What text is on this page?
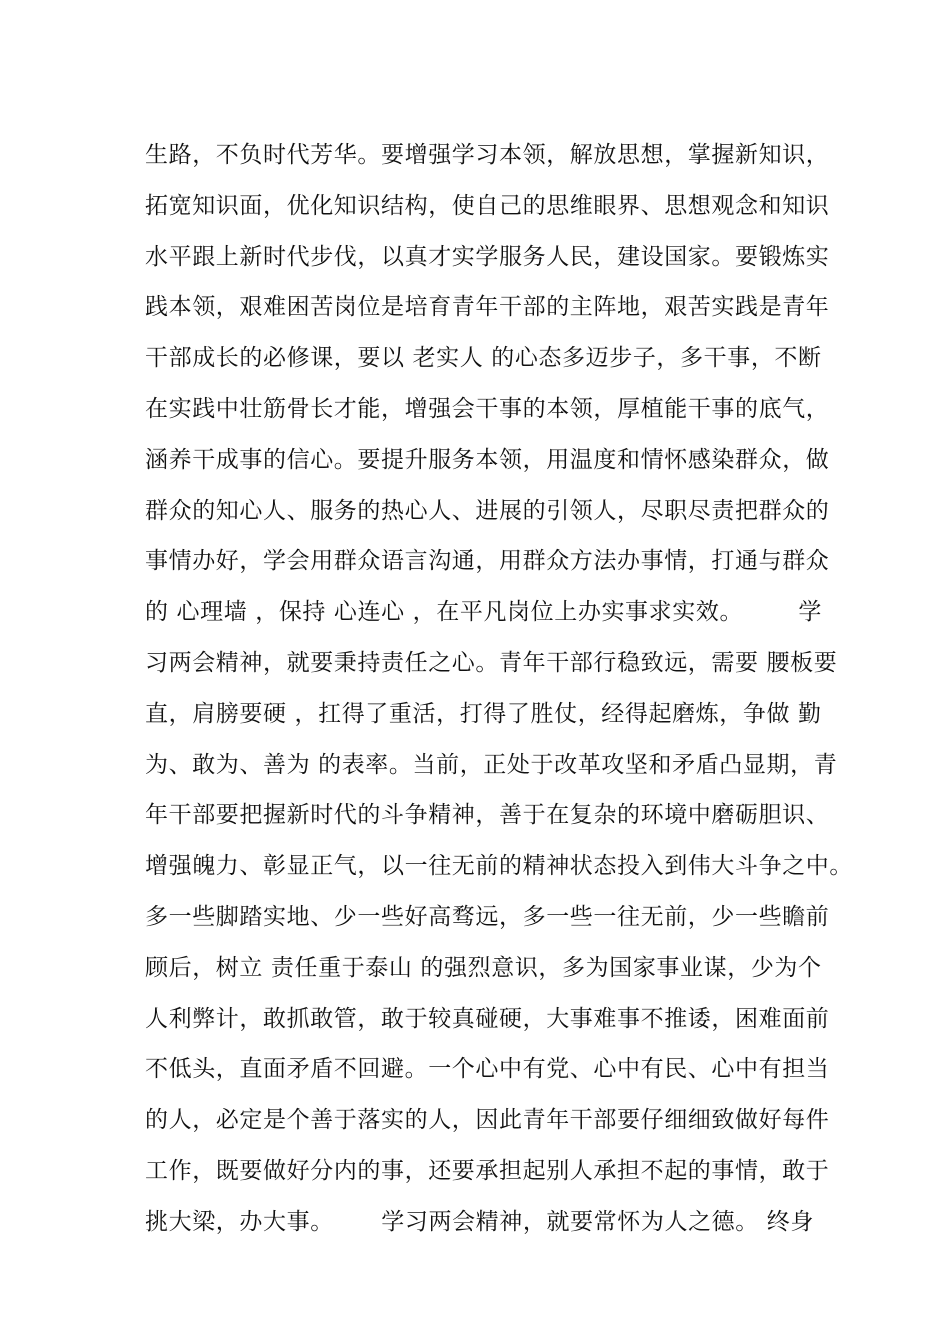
生路，不负时代芳华。要增强学习本领，解放思想，掌握新知识，
拓宽知识面，优化知识结构，使自己的思维眼界、思想观念和知识
水平跟上新时代步伐，以真才实学服务人民，建设国家。要锻炼实
践本领，艰难困苦岗位是培育青年干部的主阵地，艰苦实践是青年
干部成长的必修课，要以 老实人 的心态多迈步子，多干事，不断
在实践中壮筋骨长才能，增强会干事的本领，厚植能干事的底气，
涵养干成事的信心。要提升服务本领，用温度和情怀感染群众，做
群众的知心人、服务的热心人、进展的引领人，尽职尽责把群众的
事情办好，学会用群众语言沟通，用群众方法办事情，打通与群众
的 心理墙 ，保持 心连心 ，在平凡岗位上办实事求实效。       学
习两会精神，就要秉持责任之心。青年干部行稳致远，需要 腰板要
直，肩膀要硬 ，扛得了重活，打得了胜仗，经得起磨炼，争做 勤
为、敢为、善为 的表率。当前，正处于改革攻坚和矛盾凸显期，青
年干部要把握新时代的斗争精神，善于在复杂的环境中磨砺胆识、
增强魄力、彰显正气，以一往无前的精神状态投入到伟大斗争之中。
多一些脚踏实地、少一些好高骛远，多一些一往无前，少一些瞻前
顾后，树立 责任重于泰山 的强烈意识，多为国家事业谋，少为个
人利弊计，敢抓敢管，敢于较真碰硬，大事难事不推诿，困难面前
不低头，直面矛盾不回避。一个心中有党、心中有民、心中有担当
的人，必定是个善于落实的人，因此青年干部要仔细细致做好每件
工作，既要做好分内的事，还要承担起别人承担不起的事情，敢于
挑大梁，办大事。      学习两会精神，就要常怀为人之德。 终身
